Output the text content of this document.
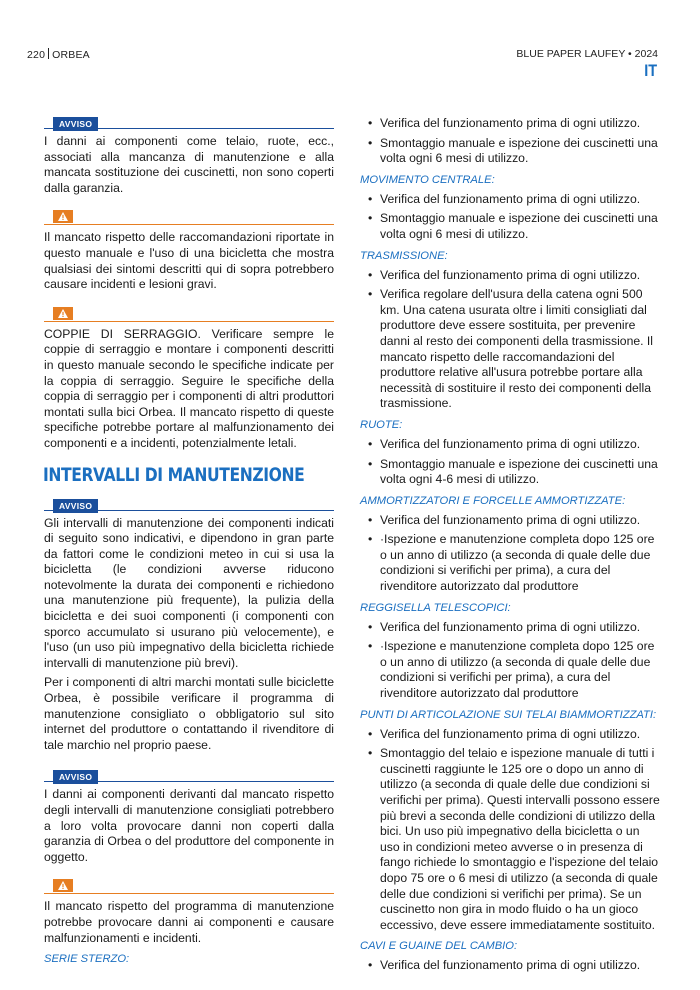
220 ORBEA	BLUE PAPER LAUFEY • 2024
IT
AVVISO

I danni ai componenti come telaio, ruote, ecc., associati alla mancanza di manutenzione e alla mancata sostituzione dei cuscinetti, non sono coperti dalla garanzia.

Il mancato rispetto delle raccomandazioni riportate in questo manuale e l'uso di una bicicletta che mostra qualsiasi dei sintomi descritti qui di sopra potrebbero causare incidenti e lesioni gravi.

COPPIE DI SERRAGGIO. Verificare sempre le coppie di serraggio e montare i componenti descritti in questo manuale secondo le specifiche indicate per la coppia di serraggio. Seguire le specifiche della coppia di serraggio per i componenti di altri produttori montati sulla bici Orbea. Il mancato rispetto di queste specifiche potrebbe portare al malfunzionamento dei componenti e a incidenti, potenzialmente letali.

INTERVALLI DI MANUTENZIONE
AVVISO

Gli intervalli di manutenzione dei componenti indicati di seguito sono indicativi, e dipendono in gran parte da fattori come le condizioni meteo in cui si usa la bicicletta (le condizioni avverse riducono notevolmente la durata dei componenti e richiedono una manutenzione più frequente), la pulizia della bicicletta e dei suoi componenti (i componenti con sporco accumulato si usurano più velocemente), e l'uso (un uso più impegnativo della bicicletta richiede intervalli di manutenzione più brevi).

Per i componenti di altri marchi montati sulle biciclette Orbea, è possibile verificare il programma di manutenzione consigliato o obbligatorio sul sito internet del produttore o contattando il rivenditore di tale marchio nel proprio paese.

AVVISO

I danni ai componenti derivanti dal mancato rispetto degli intervalli di manutenzione consigliati potrebbero a loro volta provocare danni non coperti dalla garanzia di Orbea o del produttore del componente in oggetto.

Il mancato rispetto del programma di manutenzione potrebbe provocare danni ai componenti e causare malfunzionamenti e incidenti.

SERIE STERZO:
• Verifica del funzionamento prima di ogni utilizzo.
• Smontaggio manuale e ispezione dei cuscinetti una volta ogni 6 mesi di utilizzo.
MOVIMENTO CENTRALE:
• Verifica del funzionamento prima di ogni utilizzo.
• Smontaggio manuale e ispezione dei cuscinetti una volta ogni 6 mesi di utilizzo.
TRASMISSIONE:
• Verifica del funzionamento prima di ogni utilizzo.
• Verifica regolare dell'usura della catena ogni 500 km. Una catena usurata oltre i limiti consigliati dal produttore deve essere sostituita, per prevenire danni al resto dei componenti della trasmissione. Il mancato rispetto delle raccomandazioni del produttore relative all'usura potrebbe portare alla necessità di sostituire il resto dei componenti della trasmissione.
RUOTE:
• Verifica del funzionamento prima di ogni utilizzo.
• Smontaggio manuale e ispezione dei cuscinetti una volta ogni 4-6 mesi di utilizzo.
AMMORTIZZATORI E FORCELLE AMMORTIZZATE:
• Verifica del funzionamento prima di ogni utilizzo.
• ·Ispezione e manutenzione completa dopo 125 ore o un anno di utilizzo (a seconda di quale delle due condizioni si verifichi per prima), a cura del rivenditore autorizzato dal produttore
REGGISELLA TELESCOPICI:
• Verifica del funzionamento prima di ogni utilizzo.
• ·Ispezione e manutenzione completa dopo 125 ore o un anno di utilizzo (a seconda di quale delle due condizioni si verifichi per prima), a cura del rivenditore autorizzato dal produttore
PUNTI DI ARTICOLAZIONE SUI TELAI BIAMMORTIZZATI:
• Verifica del funzionamento prima di ogni utilizzo.
• Smontaggio del telaio e ispezione manuale di tutti i cuscinetti raggiunte le 125 ore o dopo un anno di utilizzo (a seconda di quale delle due condizioni si verifichi per prima). Questi intervalli possono essere più brevi a seconda delle condizioni di utilizzo della bici. Un uso più impegnativo della bicicletta o un uso in condizioni meteo avverse o in presenza di fango richiede lo smontaggio e l'ispezione del telaio dopo 75 ore o 6 mesi di utilizzo (a seconda di quale delle due condizioni si verifichi per prima). Se un cuscinetto non gira in modo fluido o ha un gioco eccessivo, deve essere immediatamente sostituito.
CAVI E GUAINE DEL CAMBIO:
• Verifica del funzionamento prima di ogni utilizzo.
